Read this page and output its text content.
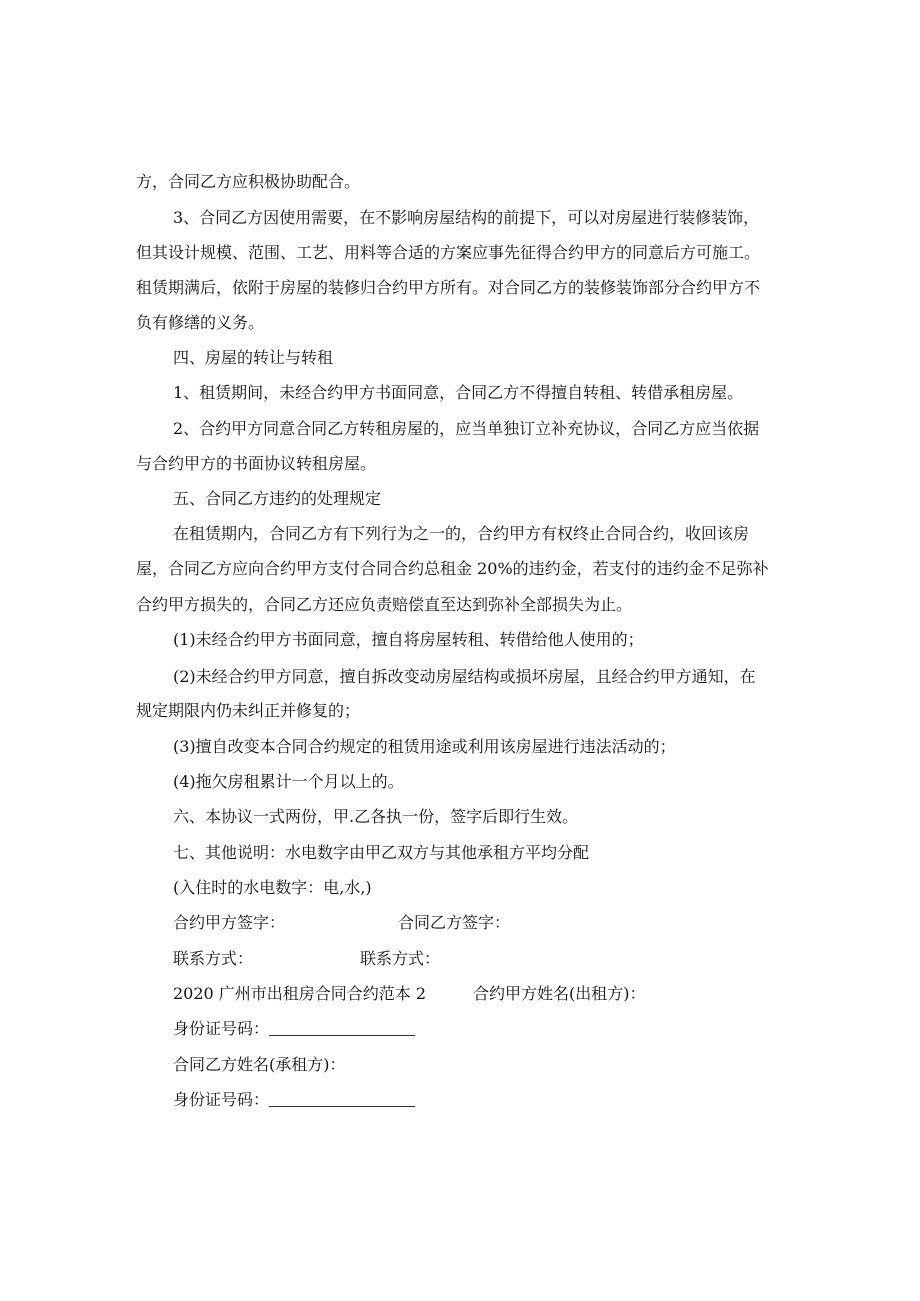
方，合同乙方应积极协助配合。
3、合同乙方因使用需要，在不影响房屋结构的前提下，可以对房屋进行装修装饰，
但其设计规模、范围、工艺、用料等合适的方案应事先征得合约甲方的同意后方可施工。
租赁期满后，依附于房屋的装修归合约甲方所有。对合同乙方的装修装饰部分合约甲方不
负有修缮的义务。
四、房屋的转让与转租
1、租赁期间，未经合约甲方书面同意，合同乙方不得擅自转租、转借承租房屋。
2、合约甲方同意合同乙方转租房屋的，应当单独订立补充协议，合同乙方应当依据
与合约甲方的书面协议转租房屋。
五、合同乙方违约的处理规定
在租赁期内，合同乙方有下列行为之一的，合约甲方有权终止合同合约，收回该房
屋，合同乙方应向合约甲方支付合同合约总租金 20%的违约金，若支付的违约金不足弥补
合约甲方损失的，合同乙方还应负责赔偿直至达到弥补全部损失为止。
(1)未经合约甲方书面同意，擅自将房屋转租、转借给他人使用的；
(2)未经合约甲方同意，擅自拆改变动房屋结构或损坏房屋，且经合约甲方通知，在
规定期限内仍未纠正并修复的；
(3)擅自改变本合同合约规定的租赁用途或利用该房屋进行违法活动的；
(4)拖欠房租累计一个月以上的。
六、本协议一式两份，甲.乙各执一份，签字后即行生效。
七、其他说明：水电数字由甲乙双方与其他承租方平均分配
(入住时的水电数字：电,水,)
合约甲方签字：	合同乙方签字：
联系方式：	联系方式：
2020 广州市出租房合同合约范本 2	合约甲方姓名(出租方)：
身份证号码：
合同乙方姓名(承租方)：
身份证号码：
